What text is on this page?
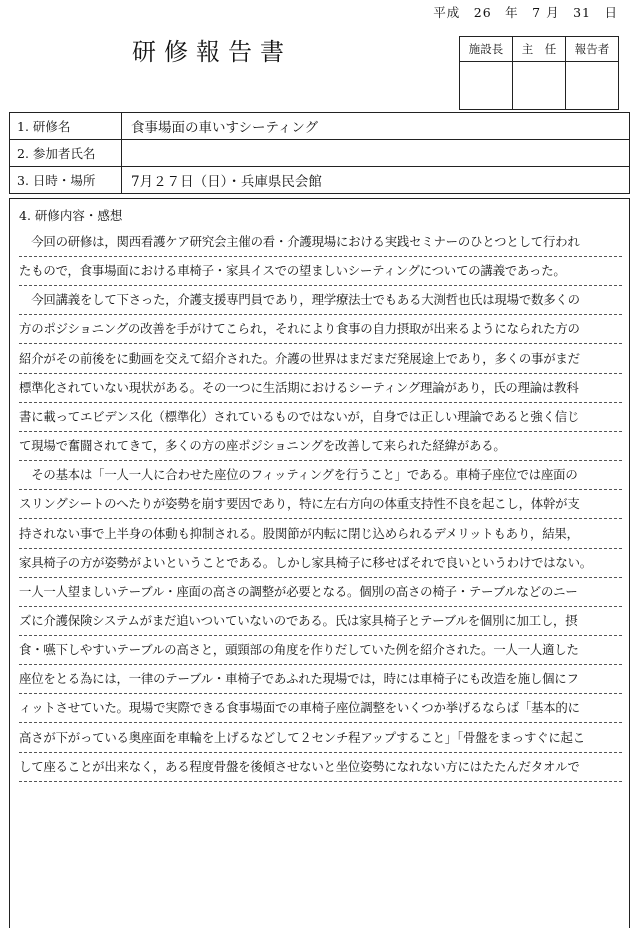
平成　26　年　7 月　31　日
研修報告書	施設長	主　任	報告者

1. 研修名	食事場面の車いすシーティング
2. 参加者氏名	
3. 日時・場所	7月２７日（日）・兵庫県民会館
4. 研修内容・感想
　今回の研修は，関西看護ケア研究会主催の看・介護現場における実践セミナーのひとつとして行われ
たもので，食事場面における車椅子・家具イスでの望ましいシーティングについての講義であった。
　今回講義をして下さった，介護支援専門員であり，理学療法士でもある大渕哲也氏は現場で数多くの
方のポジショニングの改善を手がけてこられ，それにより食事の自力摂取が出来るようになられた方の
紹介がその前後をに動画を交えて紹介された。介護の世界はまだまだ発展途上であり，多くの事がまだ
標準化されていない現状がある。その一つに生活期におけるシーティング理論があり，氏の理論は教科
書に載ってエビデンス化（標準化）されているものではないが，自身では正しい理論であると強く信じ
て現場で奮闘されてきて，多くの方の座ポジショニングを改善して来られた経緯がある。
　その基本は「一人一人に合わせた座位のフィッティングを行うこと」である。車椅子座位では座面の
スリングシートのへたりが姿勢を崩す要因であり，特に左右方向の体重支持性不良を起こし，体幹が支
持されない事で上半身の体動も抑制される。股関節が内転に閉じ込められるデメリットもあり，結果，
家具椅子の方が姿勢がよいということである。しかし家具椅子に移せばそれで良いというわけではない。
一人一人望ましいテーブル・座面の高さの調整が必要となる。個別の高さの椅子・テーブルなどのニー
ズに介護保険システムがまだ追いついていないのである。氏は家具椅子とテーブルを個別に加工し，摂
食・嚥下しやすいテーブルの高さと，頭頸部の角度を作りだしていた例を紹介された。一人一人適した
座位をとる為には，一律のテーブル・車椅子であふれた現場では，時には車椅子にも改造を施し個にフ
ィットさせていた。現場で実際できる食事場面での車椅子座位調整をいくつか挙げるならば「基本的に
高さが下がっている奥座面を車輪を上げるなどして２センチ程アップすること」「骨盤をまっすぐに起こ
して座ることが出来なく，ある程度骨盤を後傾させないと坐位姿勢になれない方にはたたんだタオルで
